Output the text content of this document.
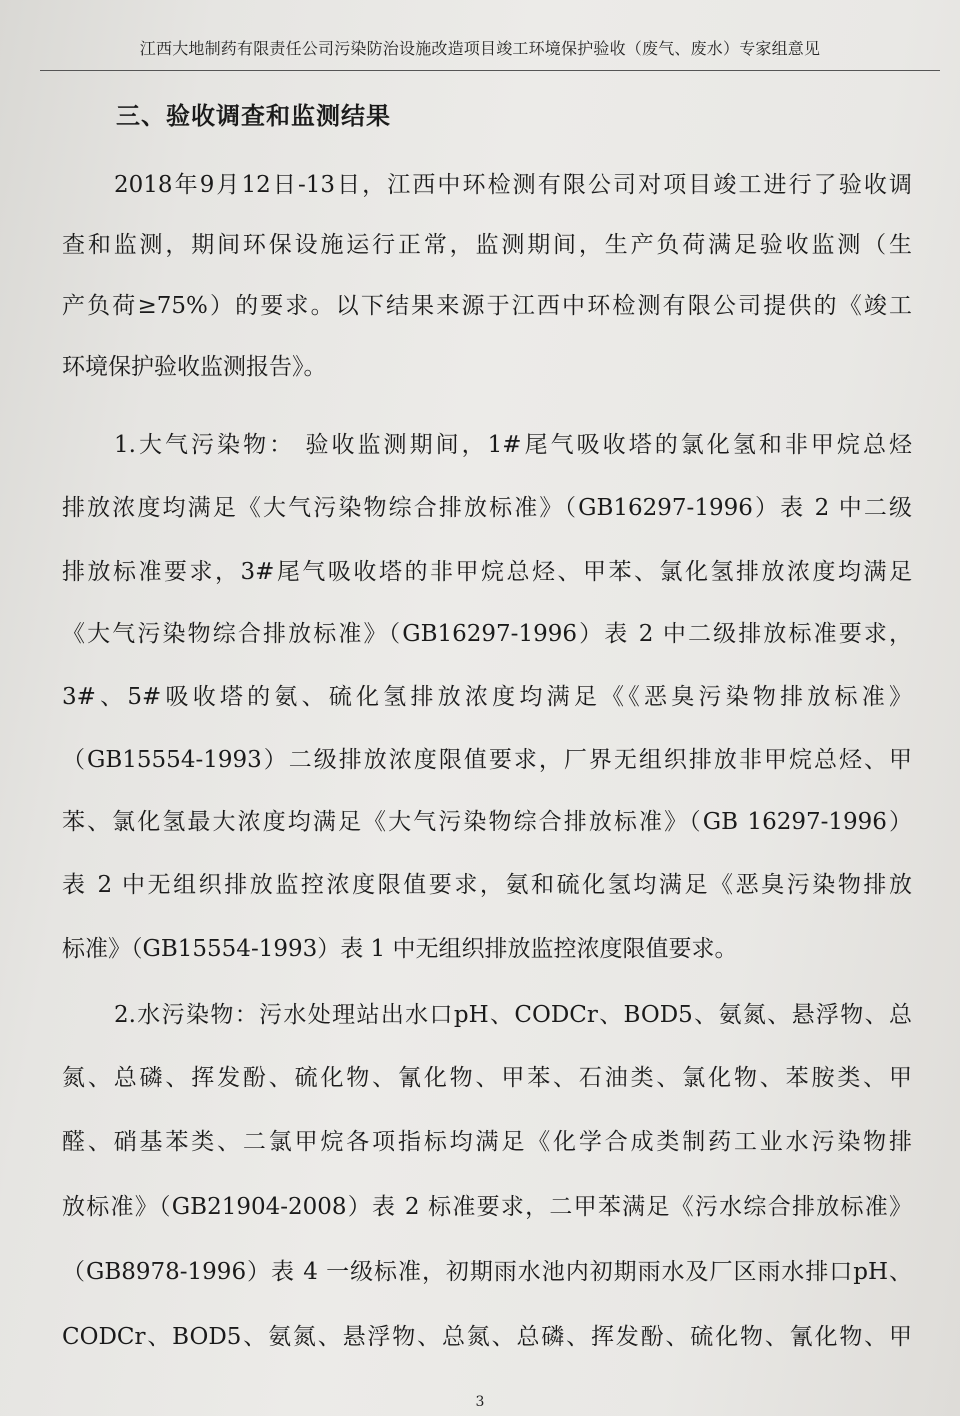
江西大地制药有限责任公司污染防治设施改造项目竣工环境保护验收（废气、废水）专家组意见
三、验收调查和监测结果
2018年9月12日-13日，江西中环检测有限公司对项目竣工进行了验收调
查和监测，期间环保设施运行正常，监测期间，生产负荷满足验收监测（生
产负荷≥75%）的要求。以下结果来源于江西中环检测有限公司提供的《竣工
环境保护验收监测报告》。
1.大气污染物： 验收监测期间，1#尾气吸收塔的氯化氢和非甲烷总烃
排放浓度均满足《大气污染物综合排放标准》（GB16297-1996）表 2 中二级
排放标准要求，3#尾气吸收塔的非甲烷总烃、甲苯、氯化氢排放浓度均满足
《大气污染物综合排放标准》（GB16297-1996）表 2 中二级排放标准要求，
3#、5#吸收塔的氨、硫化氢排放浓度均满足《《恶臭污染物排放标准》
（GB15554-1993）二级排放浓度限值要求，厂界无组织排放非甲烷总烃、甲
苯、氯化氢最大浓度均满足《大气污染物综合排放标准》（GB 16297-1996）
表 2 中无组织排放监控浓度限值要求，氨和硫化氢均满足《恶臭污染物排放
标准》（GB15554-1993）表 1 中无组织排放监控浓度限值要求。
2.水污染物：污水处理站出水口pH、CODCr、BOD5、氨氮、悬浮物、总
氮、总磷、挥发酚、硫化物、氰化物、甲苯、石油类、氯化物、苯胺类、甲
醛、硝基苯类、二氯甲烷各项指标均满足《化学合成类制药工业水污染物排
放标准》（GB21904-2008）表 2 标准要求，二甲苯满足《污水综合排放标准》
（GB8978-1996）表 4 一级标准，初期雨水池内初期雨水及厂区雨水排口pH、
CODCr、BOD5、氨氮、悬浮物、总氮、总磷、挥发酚、硫化物、氰化物、甲
3
